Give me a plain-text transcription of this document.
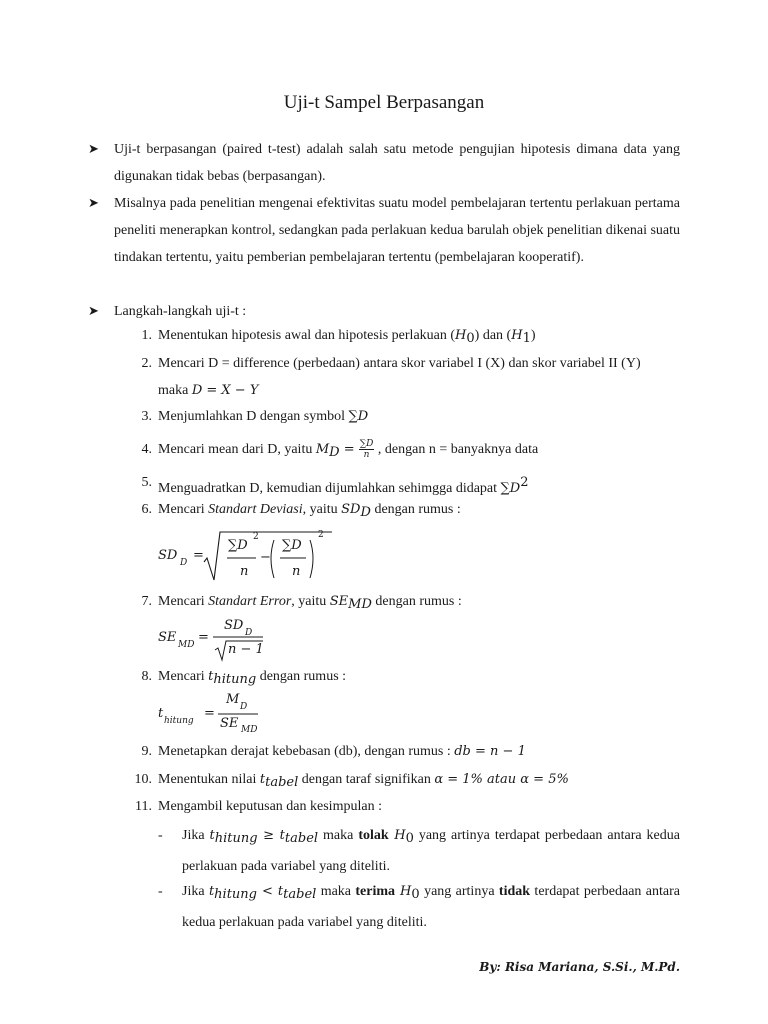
Uji-t Sampel Berpasangan
➤ Uji-t berpasangan (paired t-test) adalah salah satu metode pengujian hipotesis dimana data yang digunakan tidak bebas (berpasangan).
➤ Misalnya pada penelitian mengenai efektivitas suatu model pembelajaran tertentu perlakuan pertama peneliti menerapkan kontrol, sedangkan pada perlakuan kedua barulah objek penelitian dikenai suatu tindakan tertentu, yaitu pemberian pembelajaran tertentu (pembelajaran kooperatif).
➤ Langkah-langkah uji-t :
1. Menentukan hipotesis awal dan hipotesis perlakuan $(H_0)$ dan $(H_1)$
2. Mencari D = difference (perbedaan) antara skor variabel I (X) dan skor variabel II (Y)
maka D = X − Y
3. Menjumlahkan D dengan symbol ∑D
4. Mencari mean dari D, yaitu $M_D = \frac{\sum D}{n}$ , dengan n = banyaknya data
5. Menguadratkan D, kemudian dijumlahkan sehimgga didapat $\sum D^2$
6. Mencari Standart Deviasi, yaitu $SD_D$ dengan rumus :
SD D =
∑D
2
n
−
∑D
n
2
7. Mencari Standart Error, yaitu $SE_{MD}$ dengan rumus :
SE MD =
SD D
n − 1
8. Mencari $t_{hitung}$ dengan rumus :
t hitung =
M D
SE MD
9. Menetapkan derajat kebebasan (db), dengan rumus : db = n − 1
10. Menentukan nilai $t_{tabel}$ dengan taraf signifikan α = 1% atau α = 5%
11. Mengambil keputusan dan kesimpulan :
- Jika $t_{hitung} \ge t_{tabel}$ maka tolak $H_0$ yang artinya terdapat perbedaan antara kedua perlakuan pada variabel yang diteliti.
- Jika $t_{hitung} < t_{tabel}$ maka terima $H_0$ yang artinya tidak terdapat perbedaan antara kedua perlakuan pada variabel yang diteliti.
By: Risa Mariana, S.Si., M.Pd.
